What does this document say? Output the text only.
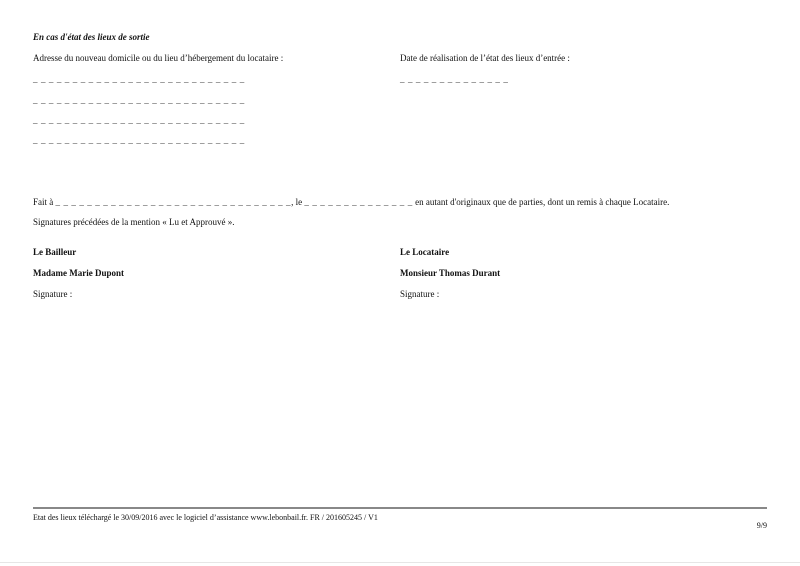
En cas d'état des lieux de sortie
Adresse du nouveau domicile ou du lieu d’hébergement du locataire :
_ _ _ _ _ _ _ _ _ _ _ _ _ _ _ _ _ _ _ _ _ _ _ _ _ _ _
_ _ _ _ _ _ _ _ _ _ _ _ _ _ _ _ _ _ _ _ _ _ _ _ _ _ _
_ _ _ _ _ _ _ _ _ _ _ _ _ _ _ _ _ _ _ _ _ _ _ _ _ _ _
_ _ _ _ _ _ _ _ _ _ _ _ _ _ _ _ _ _ _ _ _ _ _ _ _ _ _
Date de réalisation de l’état des lieux d’entrée :
_ _ _ _ _ _ _ _ _ _ _ _ _ _
Fait à _ _ _ _ _ _ _ _ _ _ _ _ _ _ _ _ _ _ _ _ _ _ _ _ _ _ _ _ _ _, le _ _ _ _ _ _ _ _ _ _ _ _ _ _ en autant d'originaux que de parties, dont un remis à chaque Locataire.
Signatures précédées de la mention « Lu et Approuvé ».
Le Bailleur
Madame Marie Dupont
Signature :
Le Locataire
Monsieur Thomas Durant
Signature :
Etat des lieux téléchargé le 30/09/2016 avec le logiciel d’assistance www.lebonbail.fr. FR / 201605245 / V1
9/9
